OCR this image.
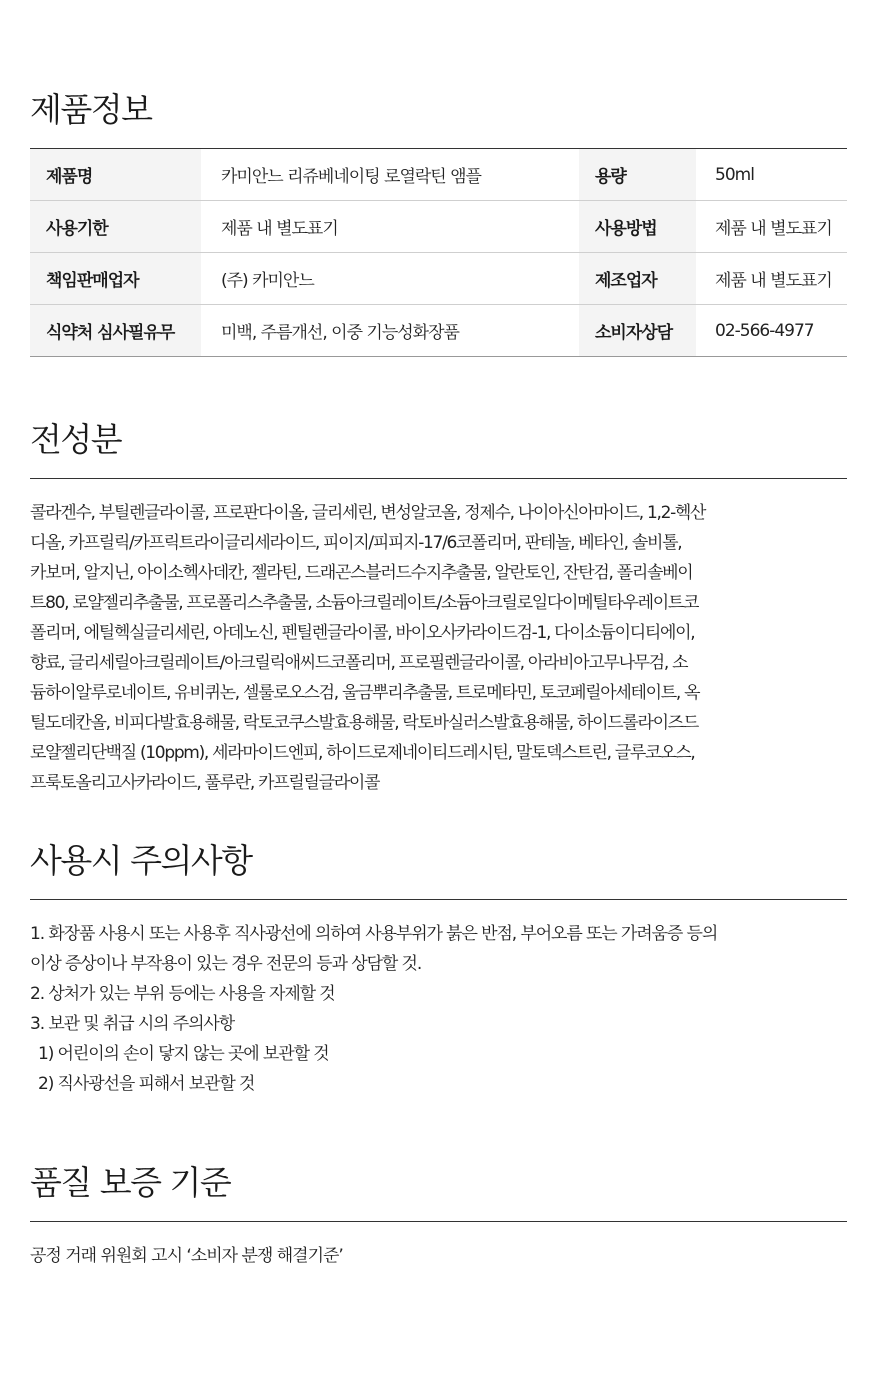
제품정보
제품명	카미안느 리쥬베네이팅 로열락틴 앰플	용량	50ml
사용기한	제품 내 별도표기	사용방법	제품 내 별도표기
책임판매업자	(주) 카미안느	제조업자	제품 내 별도표기
식약처 심사필유무	미백, 주름개선, 이중 기능성화장품	소비자상담	02-566-4977
전성분
콜라겐수, 부틸렌글라이콜, 프로판다이올, 글리세린, 변성알코올, 정제수, 나이아신아마이드, 1,2-헥산
디올, 카프릴릭/카프릭트라이글리세라이드, 피이지/피피지-17/6코폴리머, 판테놀, 베타인, 솔비톨,
카보머, 알지닌, 아이소헥사데칸, 젤라틴, 드래곤스블러드수지추출물, 알란토인, 잔탄검, 폴리솔베이
트80, 로얄젤리추출물, 프로폴리스추출물, 소듐아크릴레이트/소듐아크릴로일다이메틸타우레이트코
폴리머, 에틸헥실글리세린, 아데노신, 펜틸렌글라이콜, 바이오사카라이드검-1, 다이소듐이디티에이,
향료, 글리세릴아크릴레이트/아크릴릭애씨드코폴리머, 프로필렌글라이콜, 아라비아고무나무검, 소
듐하이알루로네이트, 유비퀴논, 셀룰로오스검, 울금뿌리추출물, 트로메타민, 토코페릴아세테이트, 옥
틸도데칸올, 비피다발효용해물, 락토코쿠스발효용해물, 락토바실러스발효용해물, 하이드롤라이즈드
로얄젤리단백질 (10ppm), 세라마이드엔피, 하이드로제네이티드레시틴, 말토덱스트린, 글루코오스,
프룩토올리고사카라이드, 풀루란, 카프릴릴글라이콜
사용시 주의사항
1. 화장품 사용시 또는 사용후 직사광선에 의하여 사용부위가 붉은 반점, 부어오름 또는 가려움증 등의
이상 증상이나 부작용이 있는 경우 전문의 등과 상담할 것.
2. 상처가 있는 부위 등에는 사용을 자제할 것
3. 보관 및 취급 시의 주의사항
1) 어린이의 손이 닿지 않는 곳에 보관할 것
2) 직사광선을 피해서 보관할 것
품질 보증 기준
공정 거래 위원회 고시 ‘소비자 분쟁 해결기준’
